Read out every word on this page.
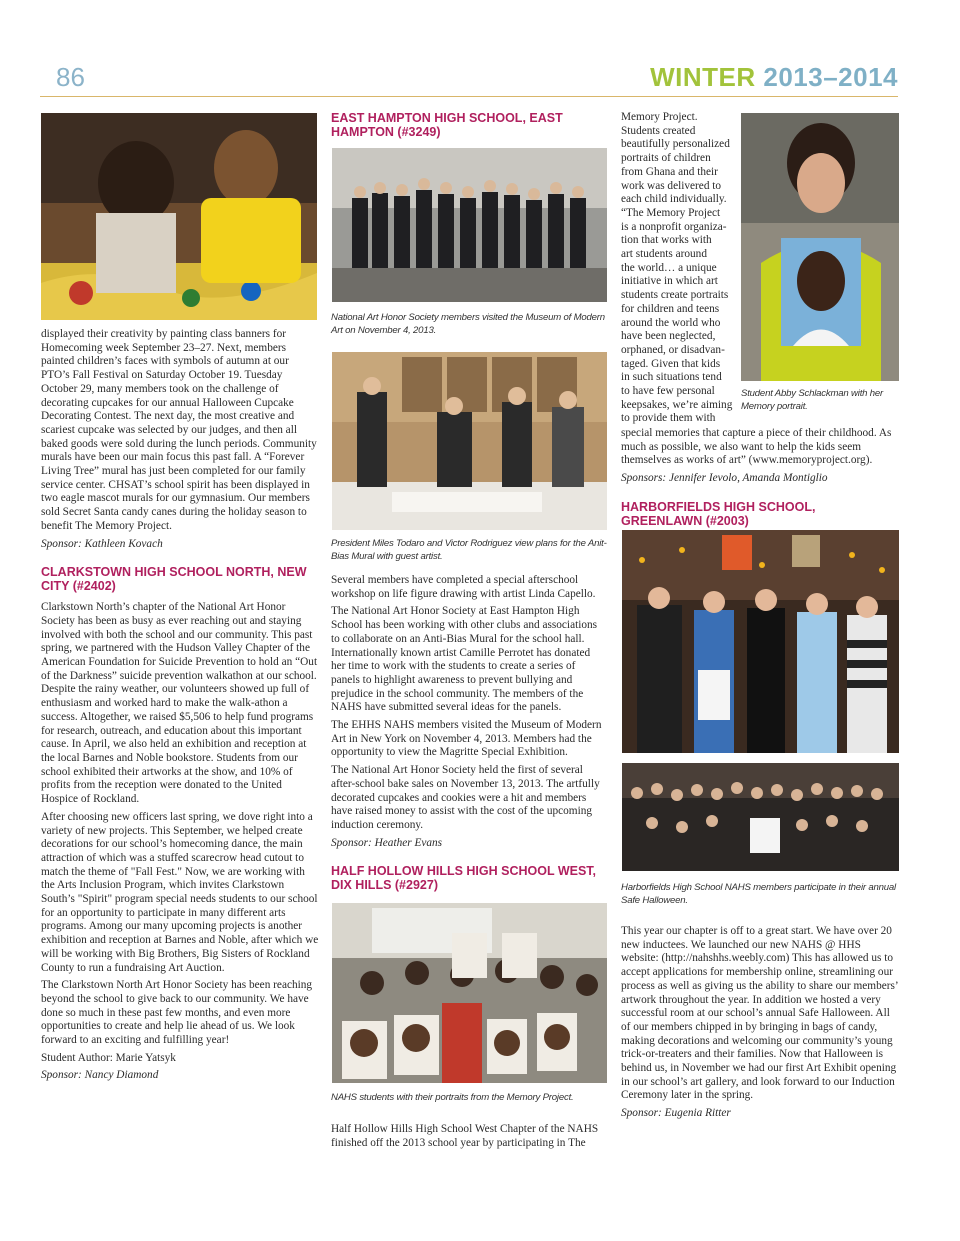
86	WINTER 2013–2014

displayed their creativity by painting class banners for Homecoming week September 23–27. Next, members painted children’s faces with symbols of autumn at our PTO’s Fall Festival on Saturday October 19. Tuesday October 29, many members took on the challenge of decorating cupcakes for our annual Halloween Cupcake Decorating Contest. The next day, the most creative and scariest cupcake was selected by our judges, and then all baked goods were sold during the lunch periods. Community murals have been our main focus this past fall. A “Forever Living Tree” mural has just been completed for our family service center. CHSAT’s school spirit has been displayed in two eagle mascot murals for our gymnasium. Our members sold Secret Santa candy canes during the holiday season to benefit The Memory Project.

Sponsor: Kathleen Kovach

CLARKSTOWN HIGH SCHOOL NORTH, NEW CITY (#2402)

Clarkstown North’s chapter of the National Art Honor Society has been as busy as ever reaching out and staying involved with both the school and our community. This past spring, we partnered with the Hudson Valley Chapter of the American Foundation for Suicide Prevention to hold an “Out of the Darkness” suicide prevention walkathon at our school. Despite the rainy weather, our volunteers showed up full of enthusiasm and worked hard to make the walk-athon a success. Altogether, we raised $5,506 to help fund programs for research, outreach, and education about this important cause. In April, we also held an exhibition and reception at the local Barnes and Noble bookstore. Students from our school exhibited their artworks at the show, and 10% of profits from the reception were donated to the United Hospice of Rockland.

After choosing new officers last spring, we dove right into a variety of new projects. This September, we helped create decorations for our school’s homecoming dance, the main attraction of which was a stuffed scarecrow head cutout to match the theme of "Fall Fest." Now, we are working with the Arts Inclusion Program, which invites Clarkstown South’s "Spirit" program special needs students to our school for an opportunity to participate in many different arts programs. Among our many upcoming projects is another exhibition and reception at Barnes and Noble, after which we will be working with Big Brothers, Big Sisters of Rockland County to run a fundraising Art Auction.

The Clarkstown North Art Honor Society has been reaching beyond the school to give back to our community. We have done so much in these past few months, and even more opportunities to create and help lie ahead of us. We look forward to an exciting and fulfilling year!

Student Author: Marie Yatsyk

Sponsor: Nancy Diamond

EAST HAMPTON HIGH SCHOOL, EAST HAMPTON (#3249)
National Art Honor Society members visited the Museum of Modern Art on November 4, 2013.
President Miles Todaro and Victor Rodriguez view plans for the Anit-Bias Mural with guest artist.

Several members have completed a special afterschool workshop on life figure drawing with artist Linda Capello.

The National Art Honor Society at East Hampton High School has been working with other clubs and associations to collaborate on an Anti-Bias Mural for the school hall. Internationally known artist Camille Perrotet has donated her time to work with the students to create a series of panels to highlight awareness to prevent bullying and prejudice in the school community. The members of the NAHS have submitted several ideas for the panels.

The EHHS NAHS members visited the Museum of Modern Art in New York on November 4, 2013. Members had the opportunity to view the Magritte Special Exhibition.

The National Art Honor Society held the first of several after-school bake sales on November 13, 2013. The artfully decorated cupcakes and cookies were a hit and members have raised money to assist with the cost of the upcoming induction ceremony.

Sponsor: Heather Evans

HALF HOLLOW HILLS HIGH SCHOOL WEST, DIX HILLS (#2927)
NAHS students with their portraits from the Memory Project.

Half Hollow Hills High School West Chapter of the NAHS finished off the 2013 school year by participating in The

Memory Project.
Students created
beautifully personalized
portraits of children
from Ghana and their
work was delivered to
each child individually.
“The Memory Project
is a nonprofit organiza-
tion that works with
art students around
the world… a unique
initiative in which art
students create portraits
for children and teens
around the world who
have been neglected,
orphaned, or disadvan-
taged. Given that kids
in such situations tend
to have few personal
keepsakes, we’re aiming
to provide them with
Student Abby Schlackman with her Memory portrait.

special memories that capture a piece of their childhood. As much as possible, we also want to help the kids seem themselves as works of art” (www.memoryproject.org).

Sponsors: Jennifer Ievolo, Amanda Montiglio

HARBORFIELDS HIGH SCHOOL, GREENLAWN (#2003)
Harborfields High School NAHS members participate in their annual Safe Halloween.

This year our chapter is off to a great start. We have over 20 new inductees. We launched our new NAHS @ HHS website: (http://nahshhs.weebly.com) This has allowed us to accept applications for membership online, streamlining our process as well as giving us the ability to share our members’ artwork throughout the year. In addition we hosted a very successful room at our school’s annual Safe Halloween. All of our members chipped in by bringing in bags of candy, making decorations and welcoming our community’s young trick-or-treaters and their families. Now that Halloween is behind us, in November we had our first Art Exhibit opening in our school’s art gallery, and look forward to our Induction Ceremony later in the spring.

Sponsor: Eugenia Ritter
